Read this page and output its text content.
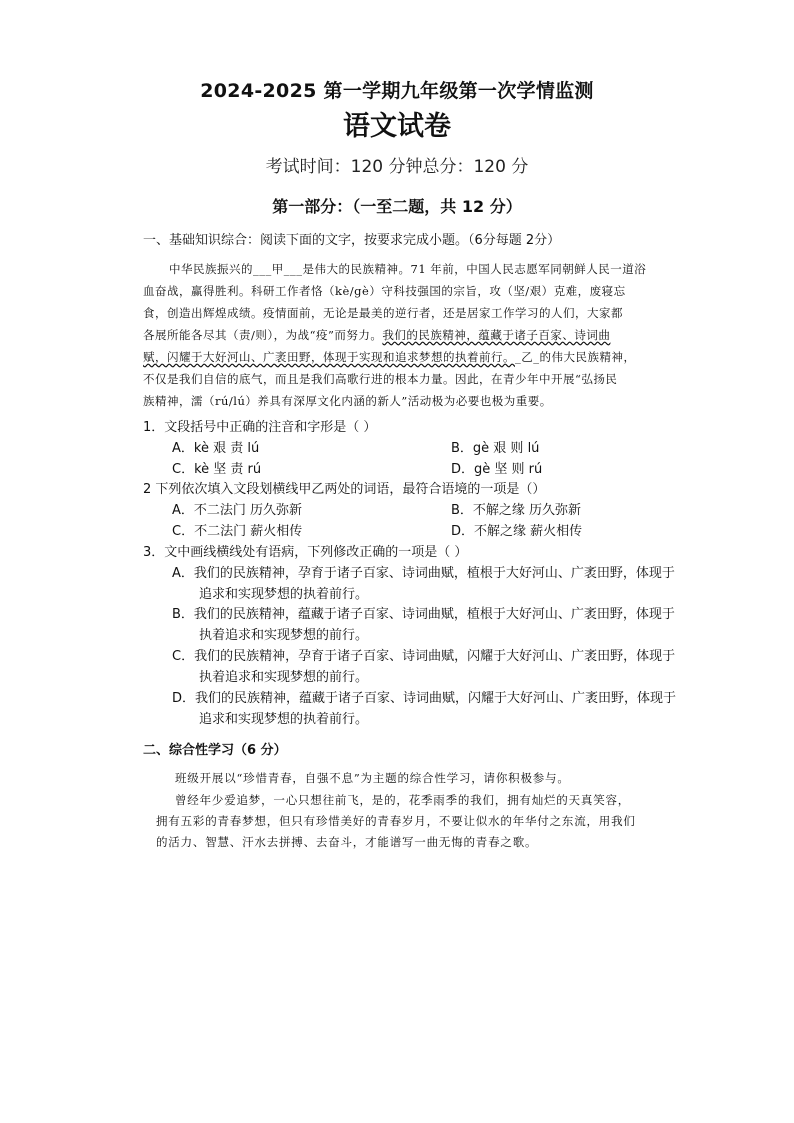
2024-2025 第一学期九年级第一次学情监测
语文试卷
考试时间：120 分钟总分：120 分
第一部分：（一至二题，共 12 分）
一、基础知识综合：阅读下面的文字，按要求完成小题。（6分每题 2分）
中华民族振兴的___甲___是伟大的民族精神。71 年前，中国人民志愿军同朝鲜人民一道浴
血奋战，赢得胜利。科研工作者恪（kè/gè）守科技强国的宗旨，攻（坚/艰）克难，废寝忘
食，创造出辉煌成绩。疫情面前，无论是最美的逆行者，还是居家工作学习的人们，大家都
各展所能各尽其（责/则），为战“疫”而努力。我们的民族精神，蕴藏于诸子百家、诗词曲
赋，闪耀于大好河山、广袤田野，体现于实现和追求梦想的执着前行。_乙_的伟大民族精神，
不仅是我们自信的底气，而且是我们高歌行进的根本力量。因此，在青少年中开展“弘扬民
族精神，濡（rú/lú）养具有深厚文化内涵的新人”活动极为必要也极为重要。
1．文段括号中正确的注音和字形是（ ）
A．kè 艰 责 lú	B．gè 艰 则 lú
C．kè 坚 责 rú	D．gè 坚 则 rú
2 下列依次填入文段划横线甲乙两处的词语，最符合语境的一项是（）
A．不二法门 历久弥新	B．不解之缘 历久弥新
C．不二法门 薪火相传	D．不解之缘 薪火相传
3．文中画线横线处有语病，下列修改正确的一项是（ ）
A．我们的民族精神，孕育于诸子百家、诗词曲赋，植根于大好河山、广袤田野，体现于
追求和实现梦想的执着前行。
B．我们的民族精神，蕴藏于诸子百家、诗词曲赋，植根于大好河山、广袤田野，体现于
执着追求和实现梦想的前行。
C．我们的民族精神，孕育于诸子百家、诗词曲赋，闪耀于大好河山、广袤田野，体现于
执着追求和实现梦想的前行。
D．我们的民族精神，蕴藏于诸子百家、诗词曲赋，闪耀于大好河山、广袤田野，体现于
追求和实现梦想的执着前行。
二、综合性学习（6 分）
班级开展以“珍惜青春，自强不息”为主题的综合性学习，请你积极参与。
曾经年少爱追梦，一心只想往前飞，是的，花季雨季的我们，拥有灿烂的天真笑容，
拥有五彩的青春梦想，但只有珍惜美好的青春岁月，不要让似水的年华付之东流，用我们
的活力、智慧、汗水去拼搏、去奋斗，才能谱写一曲无悔的青春之歌。
